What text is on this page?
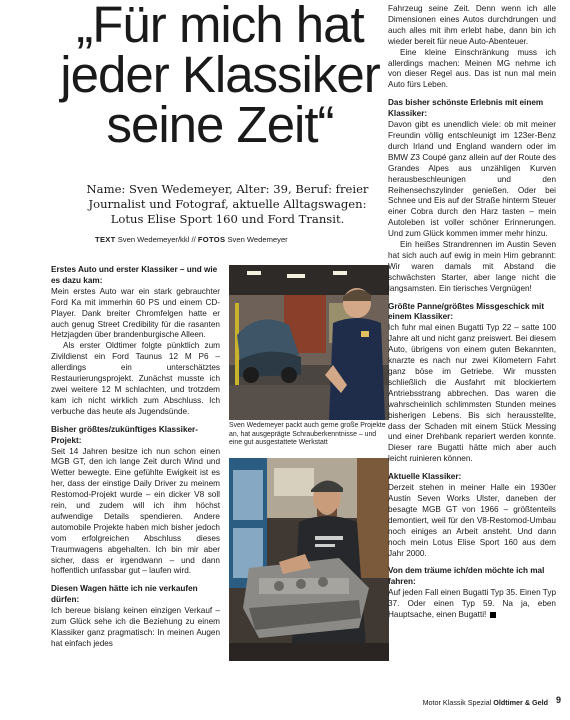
„Für mich hat
jeder Klassiker
seine Zeit“

Name: Sven Wedemeyer, Alter: 39, Beruf: freier Journalist und Fotograf, aktuelle Alltagswagen: Lotus Elise Sport 160 und Ford Transit.

TEXT Sven Wedemeyer/kkl // FOTOS Sven Wedemeyer
Erstes Auto und erster Klassiker – und wie es dazu kam:

Mein erstes Auto war ein stark gebrauchter Ford Ka mit immerhin 60 PS und einem CD-Player. Dank breiter Chromfelgen hatte er auch genug Street Credibility für die rasanten Hetzjagden über brandenburgische Alleen.

Als erster Oldtimer folgte pünktlich zum Zivildienst ein Ford Taunus 12 M P6 – allerdings ein unterschätztes Restaurierungsprojekt. Zunächst musste ich zwei weitere 12 M schlachten, und trotzdem kam ich nicht wirklich zum Abschluss. Ich verbuche das heute als Jugendsünde.

Bisher größtes/zukünftiges Klassiker-Projekt:

Seit 14 Jahren besitze ich nun schon einen MGB GT, den ich lange Zeit durch Wind und Wetter bewegte. Eine gefühlte Ewigkeit ist es her, dass der einstige Daily Driver zu meinem Restomod-Projekt wurde – ein dicker V8 soll rein, und zudem will ich ihm höchst aufwendige Details spendieren. Andere automobile Projekte haben mich bisher jedoch vom erfolgreichen Abschluss dieses Traumwagens abgehalten. Ich bin mir aber sicher, dass er irgendwann – und dann hoffentlich unfassbar gut – laufen wird.

Diesen Wagen hätte ich nie verkaufen dürfen:

Ich bereue bislang keinen einzigen Verkauf – zum Glück sehe ich die Beziehung zu einem Klassiker ganz pragmatisch: In meinen Augen hat einfach jedes

Sven Wedemeyer packt auch gerne große Projekte an, hat ausgeprägte Schrauberkenntnisse – und eine gut ausgestattete Werkstatt

Fahrzeug seine Zeit. Denn wenn ich alle Dimensionen eines Autos durchdrungen und auch alles mit ihm erlebt habe, dann bin ich wieder bereit für neue Auto-Abenteuer.

Eine kleine Einschränkung muss ich allerdings machen: Meinen MG nehme ich von dieser Regel aus. Das ist nun mal mein Auto fürs Leben.

Das bisher schönste Erlebnis mit einem Klassiker:

Davon gibt es unendlich viele: ob mit meiner Freundin völlig entschleunigt im 123er-Benz durch Irland und England wandern oder im BMW Z3 Coupé ganz allein auf der Route des Grandes Alpes aus unzähligen Kurven herausbeschleunigen und den Reihensechszylinder genießen. Oder bei Schnee und Eis auf der Straße hinterm Steuer einer Cobra durch den Harz tasten – mein Autoleben ist voller schöner Erinnerungen. Und zum Glück kommen immer mehr hinzu.

Ein heißes Strandrennen im Austin Seven hat sich auch auf ewig in mein Hirn gebrannt: Wir waren damals mit Abstand die schwächsten Starter, aber lange nicht die langsamsten. Ein tierisches Vergnügen!

Größte Panne/größtes Missgeschick mit einem Klassiker:

Ich fuhr mal einen Bugatti Typ 22 – satte 100 Jahre alt und nicht ganz preiswert. Bei diesem Auto, übrigens von einem guten Bekannten, knarzte es nach nur zwei Kilometern Fahrt ganz böse im Getriebe. Wir mussten schließlich die Ausfahrt mit blockiertem Antriebsstrang abbrechen. Das waren die wahrscheinlich schlimmsten Stunden meines bisherigen Lebens. Bis sich herausstellte, dass der Schaden mit einem Stück Messing und einer Drehbank repariert werden konnte. Dieser rare Bugatti hätte mich aber auch leicht ruinieren können.

Aktuelle Klassiker:

Derzeit stehen in meiner Halle ein 1930er Austin Seven Works Ulster, daneben der besagte MGB GT von 1966 – größtenteils demontiert, weil für den V8-Restomod-Umbau noch einiges an Arbeit ansteht. Und dann noch mein Lotus Elise Sport 160 aus dem Jahr 2000.

Von dem träume ich/den möchte ich mal fahren:

Auf jeden Fall einen Bugatti Typ 35. Einen Typ 37. Oder einen Typ 59. Na ja, eben Hauptsache, einen Bugatti!

Motor Klassik Spezial Oldtimer & Geld 9
